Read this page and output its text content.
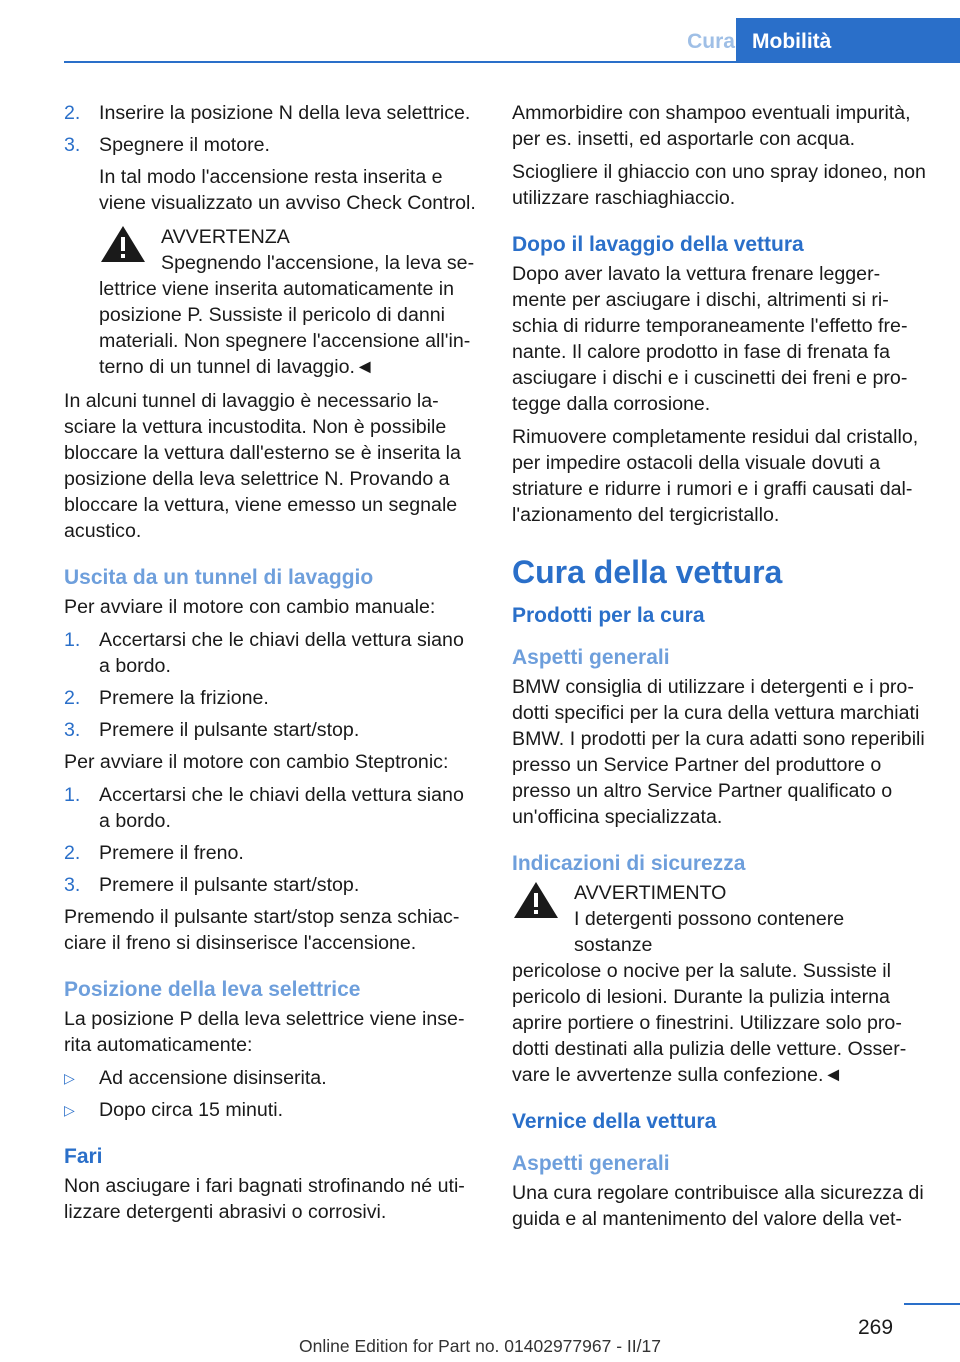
Cura Mobilità
2. Inserire la posizione N della leva selettrice.
3. Spegnere il motore.
In tal modo l'accensione resta inserita e viene visualizzato un avviso Check Control.
AVVERTENZA
Spegnendo l'accensione, la leva se-
lettrice viene inserita automaticamente in posizione P. Sussiste il pericolo di danni materiali. Non spegnere l'accensione all'interno di un tunnel di lavaggio.◄

In alcuni tunnel di lavaggio è necessario lasciare la vettura incustodita. Non è possibile bloccare la vettura dall'esterno se è inserita la posizione della leva selettrice N. Provando a bloccare la vettura, viene emesso un segnale acustico.

Uscita da un tunnel di lavaggio

Per avviare il motore con cambio manuale:

1. Accertarsi che le chiavi della vettura siano a bordo.
2. Premere la frizione.
3. Premere il pulsante start/stop.

Per avviare il motore con cambio Steptronic:

1. Accertarsi che le chiavi della vettura siano a bordo.
2. Premere il freno.
3. Premere il pulsante start/stop.

Premendo il pulsante start/stop senza schiacciare il freno si disinserisce l'accensione.

Posizione della leva selettrice

La posizione P della leva selettrice viene inserita automaticamente:

▷	Ad accensione disinserita.
▷	Dopo circa 15 minuti.
Fari

Non asciugare i fari bagnati strofinando né utilizzare detergenti abrasivi o corrosivi.

Ammorbidire con shampoo eventuali impurità, per es. insetti, ed asportarle con acqua.

Sciogliere il ghiaccio con uno spray idoneo, non utilizzare raschiaghiaccio.

Dopo il lavaggio della vettura

Dopo aver lavato la vettura frenare leggermente per asciugare i dischi, altrimenti si rischia di ridurre temporaneamente l'effetto frenante. Il calore prodotto in fase di frenata fa asciugare i dischi e i cuscinetti dei freni e protegge dalla corrosione.

Rimuovere completamente residui dal cristallo, per impedire ostacoli della visuale dovuti a striature e ridurre i rumori e i graffi causati dall'azionamento del tergicristallo.

Cura della vettura
Prodotti per la cura
Aspetti generali

BMW consiglia di utilizzare i detergenti e i prodotti specifici per la cura della vettura marchiati BMW. I prodotti per la cura adatti sono reperibili presso un Service Partner del produttore o presso un altro Service Partner qualificato o un'officina specializzata.

Indicazioni di sicurezza
AVVERTIMENTO
I detergenti possono contenere sostanze
pericolose o nocive per la salute. Sussiste il pericolo di lesioni. Durante la pulizia interna aprire portiere o finestrini. Utilizzare solo prodotti destinati alla pulizia delle vetture. Osservare le avvertenze sulla confezione.◄
Vernice della vettura
Aspetti generali

Una cura regolare contribuisce alla sicurezza di guida e al mantenimento del valore della vet-

269
Online Edition for Part no. 01402977967 - II/17
